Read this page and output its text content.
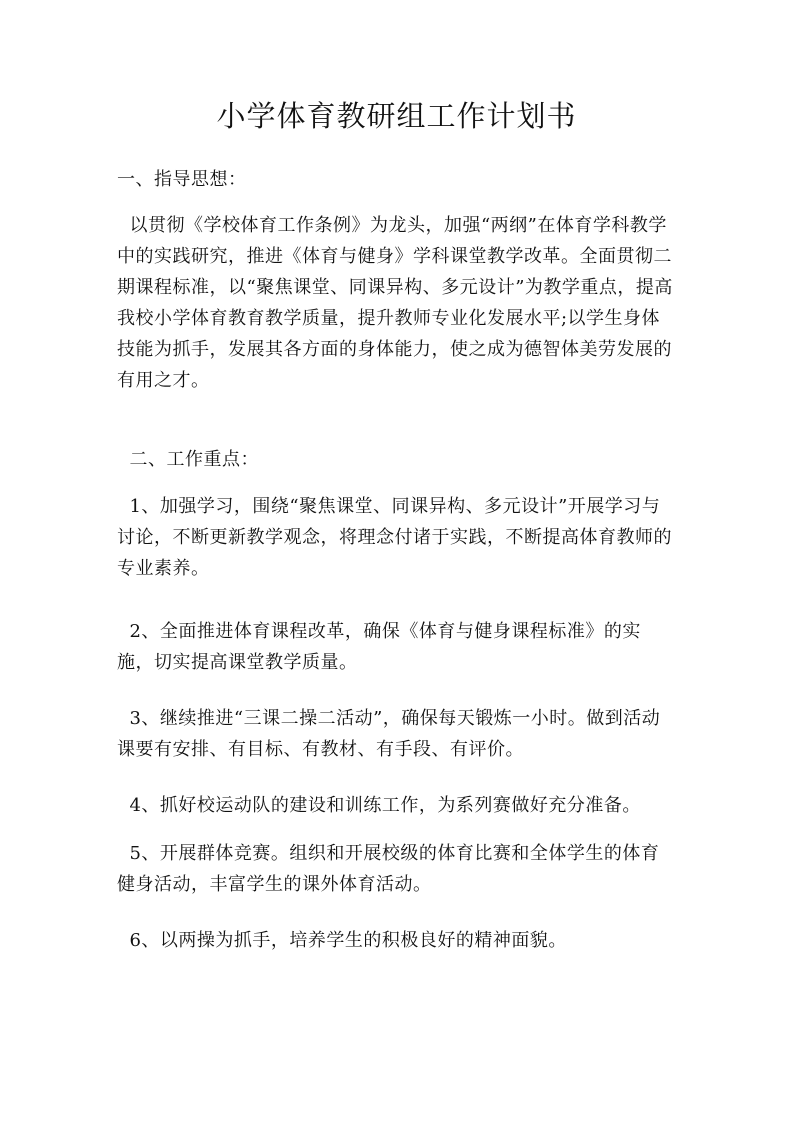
小学体育教研组工作计划书
一、指导思想：
以贯彻《学校体育工作条例》为龙头，加强“两纲”在体育学科教学中的实践研究，推进《体育与健身》学科课堂教学改革。全面贯彻二期课程标准，以“聚焦课堂、同课异构、多元设计”为教学重点，提高我校小学体育教育教学质量，提升教师专业化发展水平;以学生身体技能为抓手，发展其各方面的身体能力，使之成为德智体美劳发展的有用之才。
二、工作重点：
1、加强学习，围绕“聚焦课堂、同课异构、多元设计”开展学习与讨论，不断更新教学观念，将理念付诸于实践，不断提高体育教师的专业素养。
2、全面推进体育课程改革，确保《体育与健身课程标准》的实施，切实提高课堂教学质量。
3、继续推进“三课二操二活动”，确保每天锻炼一小时。做到活动课要有安排、有目标、有教材、有手段、有评价。
4、抓好校运动队的建设和训练工作，为系列赛做好充分准备。
5、开展群体竞赛。组织和开展校级的体育比赛和全体学生的体育健身活动，丰富学生的课外体育活动。
6、以两操为抓手，培养学生的积极良好的精神面貌。
